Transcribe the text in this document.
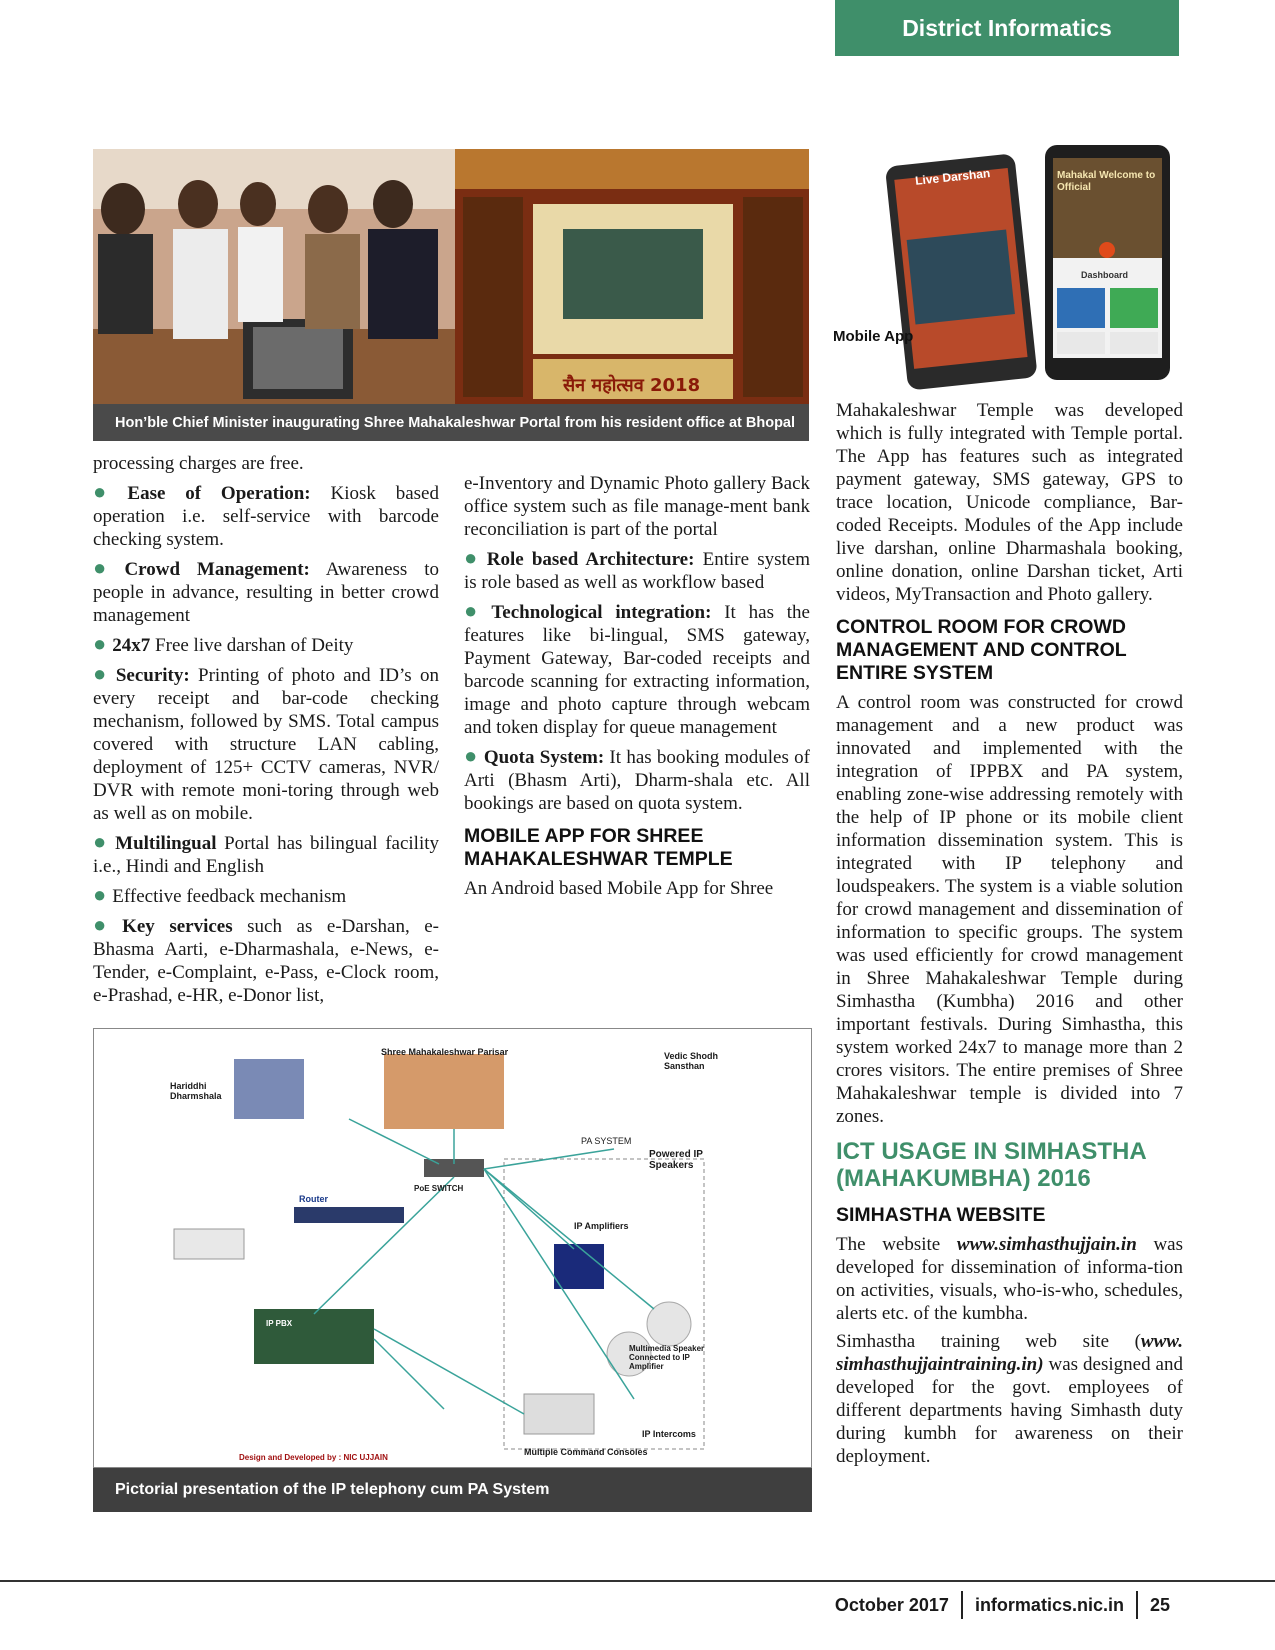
District Informatics
सैन महोत्सव 2018
Hon’ble Chief Minister inaugurating Shree Mahakaleshwar Portal from his resident office at Bhopal
Live Darshan	Mahakal Welcome to Official
Dashboard
Mobile App

processing charges are free.

● Ease of Operation: Kiosk based operation i.e. self-service with barcode checking system.

● Crowd Management: Awareness to people in advance, resulting in better crowd management

● 24x7 Free live darshan of Deity

● Security: Printing of photo and ID’s on every receipt and bar-code checking mechanism, followed by SMS. Total campus covered with structure LAN cabling, deployment of 125+ CCTV cameras, NVR/ DVR with remote moni-toring through web as well as on mobile.

● Multilingual Portal has bilingual facility i.e., Hindi and English

● Effective feedback mechanism

● Key services such as e-Darshan, e-Bhasma Aarti, e-Dharmashala, e-News, e-Tender, e-Complaint, e-Pass, e-Clock room, e-Prashad, e-HR, e-Donor list,

e-Inventory and Dynamic Photo gallery Back office system such as file manage-ment bank reconciliation is part of the portal

● Role based Architecture: Entire system is role based as well as workflow based

● Technological integration: It has the features like bi-lingual, SMS gateway, Payment Gateway, Bar-coded receipts and barcode scanning for extracting information, image and photo capture through webcam and token display for queue management

● Quota System: It has booking modules of Arti (Bhasm Arti), Dharm-shala etc. All bookings are based on quota system.

MOBILE APP FOR SHREE MAHAKALESHWAR TEMPLE

An Android based Mobile App for Shree

Shree Mahakaleshwar Parisar	Vedic Shodh Sansthan
Hariddhi Dharmshala
PA SYSTEM
Powered IP Speakers
Router
PoE SWITCH
IP Amplifiers
IP PBX
Multimedia Speaker Connected to IP Amplifier
IP Intercoms
Multiple Command Consoles
Design and Developed by : NIC UJJAIN
Pictorial presentation of the IP telephony cum PA System

Mahakaleshwar Temple was developed which is fully integrated with Temple portal. The App has features such as integrated payment gateway, SMS gateway, GPS to trace location, Unicode compliance, Bar-coded Receipts. Modules of the App include live darshan, online Dharmashala booking, online donation, online Darshan ticket, Arti videos, MyTransaction and Photo gallery.

CONTROL ROOM FOR CROWD MANAGEMENT AND CONTROL ENTIRE SYSTEM

A control room was constructed for crowd management and a new product was innovated and implemented with the integration of IPPBX and PA system, enabling zone-wise addressing remotely with the help of IP phone or its mobile client information dissemination system. This is integrated with IP telephony and loudspeakers. The system is a viable solution for crowd management and dissemination of information to specific groups. The system was used efficiently for crowd management in Shree Mahakaleshwar Temple during Simhastha (Kumbha) 2016 and other important festivals. During Simhastha, this system worked 24x7 to manage more than 2 crores visitors. The entire premises of Shree Mahakaleshwar temple is divided into 7 zones.

ICT USAGE IN SIMHASTHA (MAHAKUMBHA) 2016
SIMHASTHA WEBSITE

The website www.simhasthujjain.in was developed for dissemination of informa-tion on activities, visuals, who-is-who, schedules, alerts etc. of the kumbha.

Simhastha training web site (www. simhasthujjaintraining.in) was designed and developed for the govt. employees of different departments having Simhasth duty during kumbh for awareness on their deployment.

October 2017 informatics.nic.in 25
